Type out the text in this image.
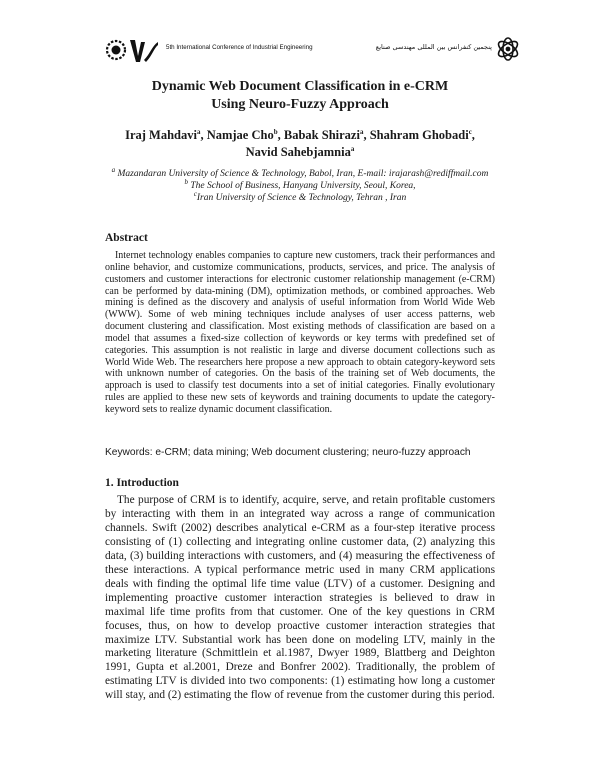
5th International Conference of Industrial Engineering	پنجمین کنفرانس بین المللی مهندسی صنایع
Dynamic Web Document Classification in e-CRM
Using Neuro-Fuzzy Approach
Iraj Mahdavi$^a$, Namjae Cho$^b$, Babak Shirazi$^a$, Shahram Ghobadi$^c$,
Navid Sahebjamnia$^a$
$^a$ Mazandaran University of Science & Technology, Babol, Iran, E-mail: irajarash@rediffmail.com
$^b$ The School of Business, Hanyang University, Seoul, Korea,
$^c$Iran University of Science & Technology, Tehran , Iran
Abstract

Internet technology enables companies to capture new customers, track their performances and online behavior, and customize communications, products, services, and price. The analysis of customers and customer interactions for electronic customer relationship management (e-CRM) can be performed by data-mining (DM), optimization methods, or combined approaches. Web mining is defined as the discovery and analysis of useful information from World Wide Web (WWW). Some of web mining techniques include analyses of user access patterns, web document clustering and classification. Most existing methods of classification are based on a model that assumes a fixed-size collection of keywords or key terms with predefined set of categories. This assumption is not realistic in large and diverse document collections such as World Wide Web. The researchers here propose a new approach to obtain category-keyword sets with unknown number of categories. On the basis of the training set of Web documents, the approach is used to classify test documents into a set of initial categories. Finally evolutionary rules are applied to these new sets of keywords and training documents to update the category-keyword sets to realize dynamic document classification.

Keywords: e-CRM; data mining; Web document clustering; neuro-fuzzy approach
1. Introduction

The purpose of CRM is to identify, acquire, serve, and retain profitable customers by interacting with them in an integrated way across a range of communication channels. Swift (2002) describes analytical e-CRM as a four-step iterative process consisting of (1) collecting and integrating online customer data, (2) analyzing this data, (3) building interactions with customers, and (4) measuring the effectiveness of these interactions. A typical performance metric used in many CRM applications deals with finding the optimal life time value (LTV) of a customer. Designing and implementing proactive customer interaction strategies is believed to draw in maximal life time profits from that customer. One of the key questions in CRM focuses, thus, on how to develop proactive customer interaction strategies that maximize LTV. Substantial work has been done on modeling LTV, mainly in the marketing literature (Schmittlein et al.1987, Dwyer 1989, Blattberg and Deighton 1991, Gupta et al.2001, Dreze and Bonfrer 2002). Traditionally, the problem of estimating LTV is divided into two components: (1) estimating how long a customer will stay, and (2) estimating the flow of revenue from the customer during this period.
